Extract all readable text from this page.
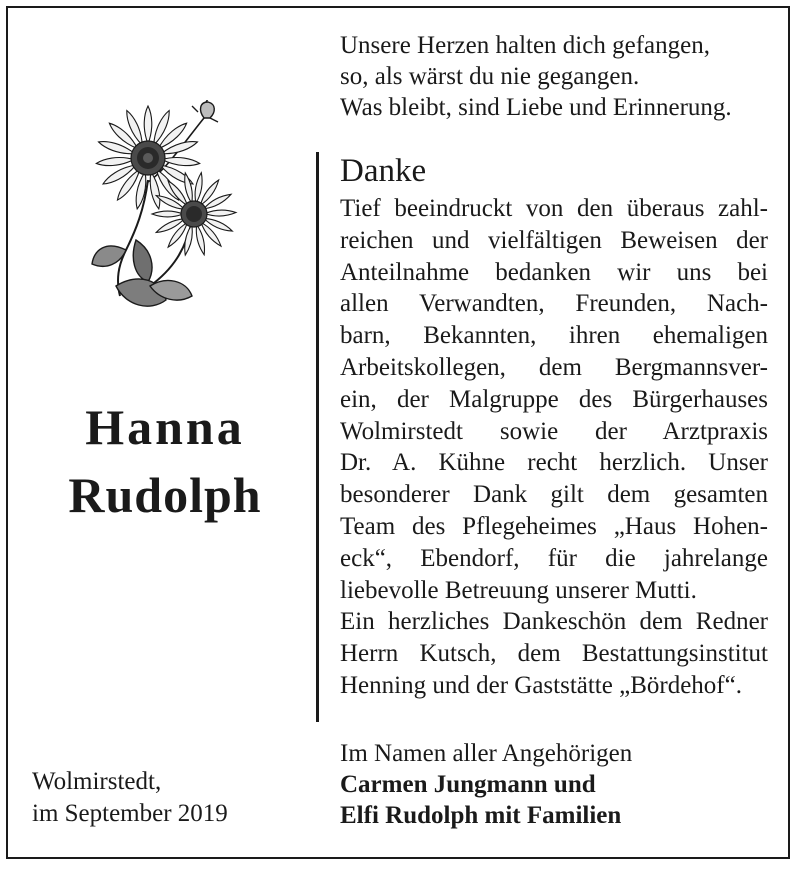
Hanna
Rudolph
Wolmirstedt,
im September 2019
Unsere Herzen halten dich gefangen,
so, als wärst du nie gegangen.
Was bleibt, sind Liebe und Erinnerung.
Danke
Tief beeindruckt von den überaus zahl-
reichen und vielfältigen Beweisen der
Anteilnahme bedanken wir uns bei
allen Verwandten, Freunden, Nach-
barn, Bekannten, ihren ehemaligen
Arbeitskollegen, dem Bergmannsver-
ein, der Malgruppe des Bürgerhauses
Wolmirstedt sowie der Arztpraxis
Dr. A. Kühne recht herzlich. Unser
besonderer Dank gilt dem gesamten
Team des Pflegeheimes „Haus Hohen-
eck“, Ebendorf, für die jahrelange
liebevolle Betreuung unserer Mutti.
Ein herzliches Dankeschön dem Redner
Herrn Kutsch, dem Bestattungsinstitut
Henning und der Gaststätte „Bördehof“.
Im Namen aller Angehörigen
Carmen Jungmann und
Elfi Rudolph mit Familien
